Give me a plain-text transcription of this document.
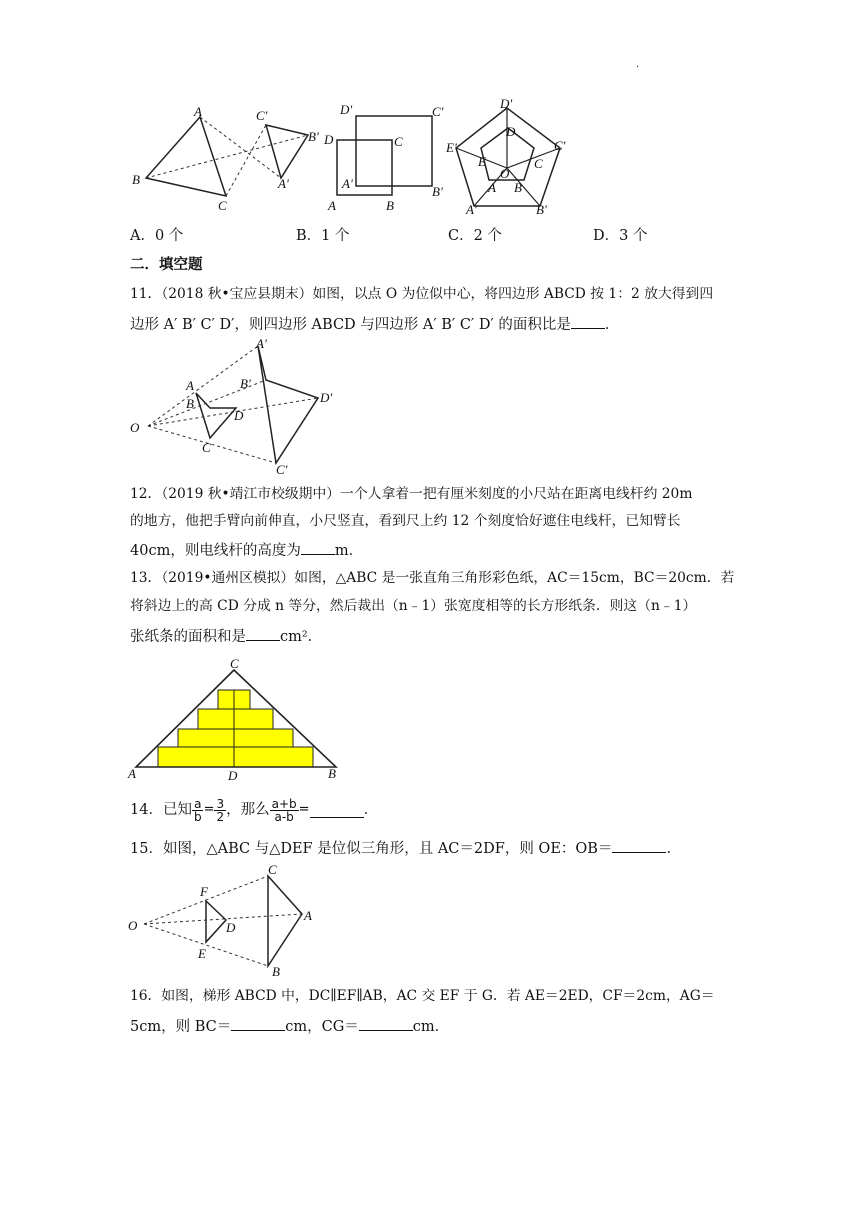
.
A	C'
B'
B	A'
C
D'	C'
D	C
A'
B'
A	B
D'
D
E'	C'
E	C
O
A B
A'	B'
A．0 个	B．1 个	C．2 个	D．3 个
二．填空题
11．（2018 秋•宝应县期末）如图，以点 O 为位似中心，将四边形 ABCD 按 1：2 放大得到四
边形 A′ B′ C′ D′，则四边形 ABCD 与四边形 A′ B′ C′ D′ 的面积比是 ．
A'
A
B
B'
D
D'
O
C
C'
12．（2019 秋•靖江市校级期中）一个人拿着一把有厘米刻度的小尺站在距离电线杆约 20m
的地方，他把手臂向前伸直，小尺竖直，看到尺上约 12 个刻度恰好遮住电线杆，已知臂长
40cm，则电线杆的高度为 m．
13．（2019•通州区模拟）如图，△ABC 是一张直角三角形彩色纸，AC＝15cm，BC＝20cm．若
将斜边上的高 CD 分成 n 等分，然后裁出（n﹣1）张宽度相等的长方形纸条．则这（n﹣1）
张纸条的面积和是 cm²．
C
A	D	B
14．已知 $\frac{a}{b} = \frac{3}{2}$ ，那么 $\frac{a+b}{a-b}$ =	．
15．如图，△ABC 与△DEF 是位似三角形，且 AC＝2DF，则 OE：OB＝	．
C
F
O	D
A
E
B
16．如图，梯形 ABCD 中，DC∥EF∥AB，AC 交 EF 于 G．若 AE＝2ED，CF＝2cm，AG＝
5cm，则 BC＝	cm，CG＝	cm．
